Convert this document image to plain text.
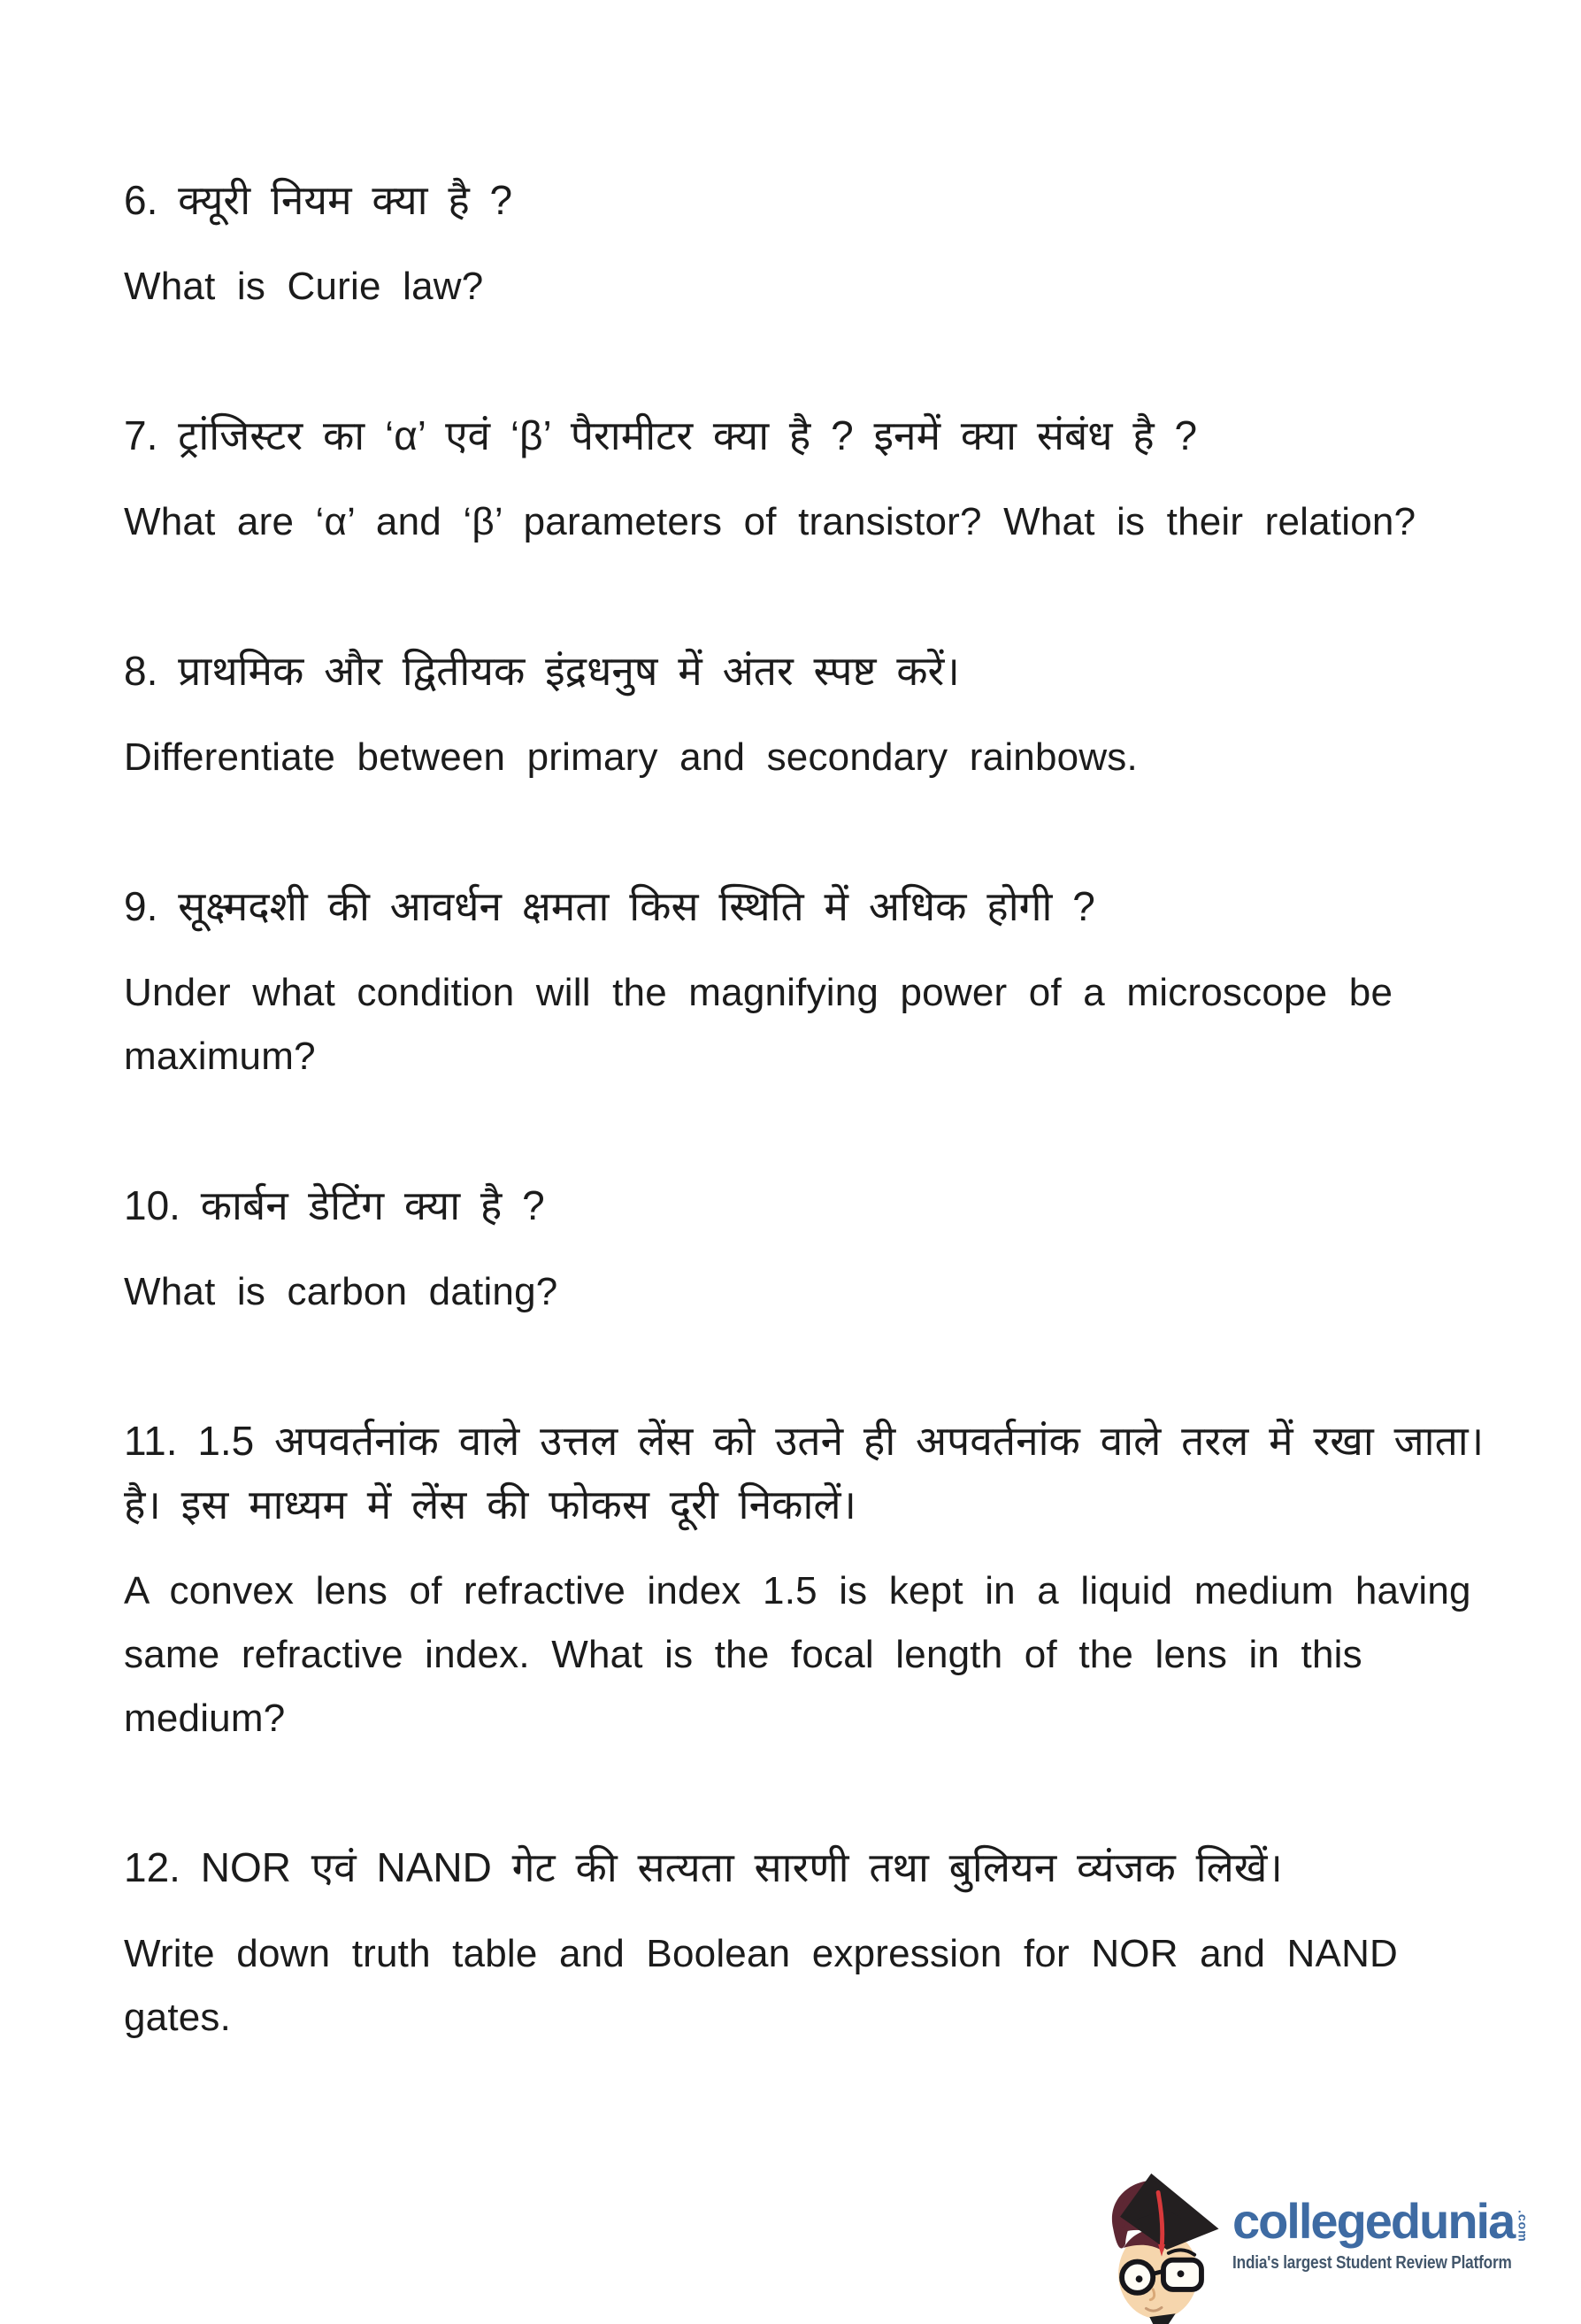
6. क्यूरी नियम क्या है ?
What is Curie law?
7. ट्रांजिस्टर का ‘α’ एवं ‘β’ पैरामीटर क्या है ? इनमें क्या संबंध है ?
What are ‘α’ and ‘β’ parameters of transistor? What is their relation?
8. प्राथमिक और द्वितीयक इंद्रधनुष में अंतर स्पष्ट करें।
Differentiate between primary and secondary rainbows.
9. सूक्ष्मदशी की आवर्धन क्षमता किस स्थिति में अधिक होगी ?
Under what condition will the magnifying power of a microscope be
maximum?
10. कार्बन डेटिंग क्या है ?
What is carbon dating?
11. 1.5 अपवर्तनांक वाले उत्तल लेंस को उतने ही अपवर्तनांक वाले तरल में रखा जाता।
है। इस माध्यम में लेंस की फोकस दूरी निकालें।
A convex lens of refractive index 1.5 is kept in a liquid medium having
same refractive index. What is the focal length of the lens in this
medium?
12. NOR एवं NAND गेट की सत्यता सारणी तथा बुलियन व्यंजक लिखें।
Write down truth table and Boolean expression for NOR and NAND
gates.
collegedunia .com
India's largest Student Review Platform
